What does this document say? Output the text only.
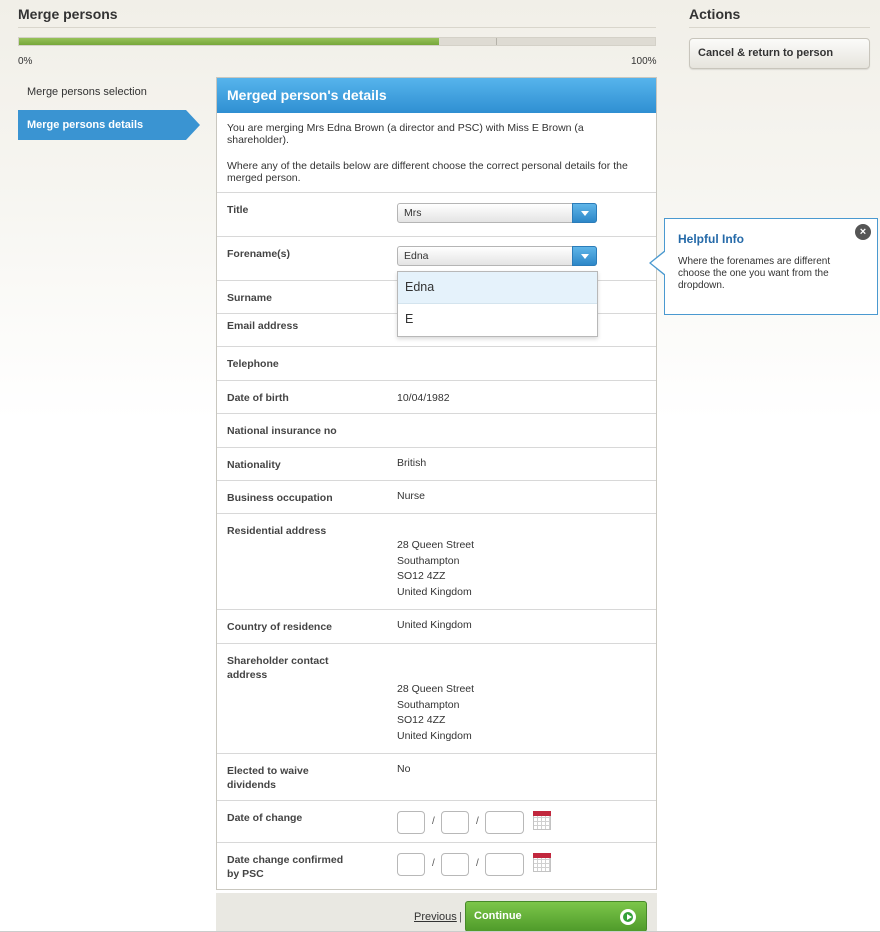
Merge persons
0%	100%
Merge persons selection
Merge persons details
Merged person's details

You are merging Mrs Edna Brown (a director and PSC) with Miss E Brown (a shareholder).

Where any of the details below are different choose the correct personal details for the merged person.

Title	Mrs
Forename(s)	Edna
Edna
E
Surname
Email address
Telephone
Date of birth	10/04/1982
National insurance no
Nationality	British
Business occupation	Nurse
Residential address
28 Queen Street
Southampton
SO12 4ZZ
United Kingdom
Country of residence	United Kingdom
Shareholder contact
address
28 Queen Street
Southampton
SO12 4ZZ
United Kingdom
Elected to waive
dividends
No
Date of change	/	/
Date change confirmed
by PSC
/	/
Previous |	Continue
Actions
Cancel & return to person
Helpful Info
Where the forenames are different choose the one you want from the dropdown.
×
